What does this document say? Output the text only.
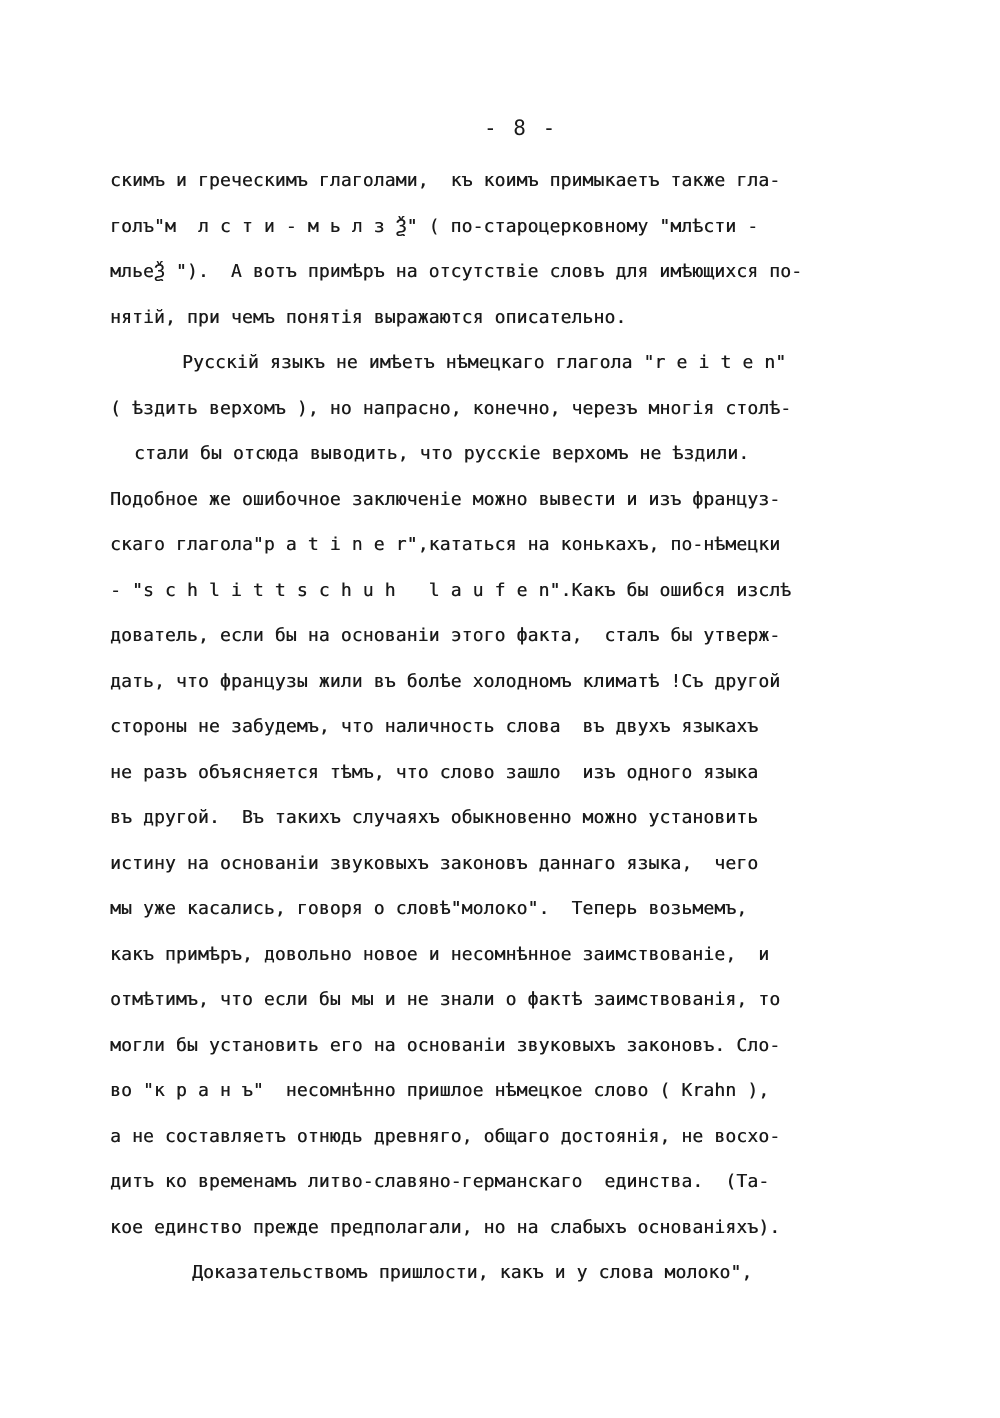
- 8 -
скимъ и греческимъ глаголами,  къ коимъ примыкаетъ также гла-
голъ"м  л с т и - м ь л з Ѯ" ( по-староцерковному "млѣсти -
мльеѮ ").  А вотъ примѣръ на отсутствіе словъ для имѣющихся по-
нятій, при чемъ понятія выражаются описательно.
Русскій языкъ не имѣетъ нѣмецкаго глагола "r e i t e n"
( ѣздить верхомъ ), но напрасно, конечно, черезъ многія столѣ-
стали бы отсюда выводить, что русскіе верхомъ не ѣздили.
Подобное же ошибочное заключеніе можно вывести и изъ француз-
скаго глагола"p a t i n e r",кататься на конькахъ, по-нѣмецки
- "s c h l i t t s c h u h   l a u f e n".Какъ бы ошибся изслѣ
дователь, если бы на основаніи этого факта,  сталъ бы утверж-
дать, что французы жили въ болѣе холодномъ климатѣ !Съ другой
стороны не забудемъ, что наличность слова  въ двухъ языкахъ
не разъ объясняется тѣмъ, что слово зашло  изъ одного языка
въ другой.  Въ такихъ случаяхъ обыкновенно можно установить
истину на основаніи звуковыхъ законовъ даннаго языка,  чего
мы уже касались, говоря о словѣ"молоко".  Теперь возьмемъ,
какъ примѣръ, довольно новое и несомнѣнное заимствованіе,  и
отмѣтимъ, что если бы мы и не знали о фактѣ заимствованія, то
могли бы установить его на основаніи звуковыхъ законовъ. Сло-
во "к р а н ъ"  несомнѣнно пришлое нѣмецкое слово ( Krahn ),
а не составляетъ отнюдь древняго, общаго достоянія, не восхо-
дитъ ко временамъ литво-славяно-германскаго  единства.  (Та-
кое единство прежде предполагали, но на слабыхъ основаніяхъ).
Доказательствомъ пришлости, какъ и у слова молоко",
